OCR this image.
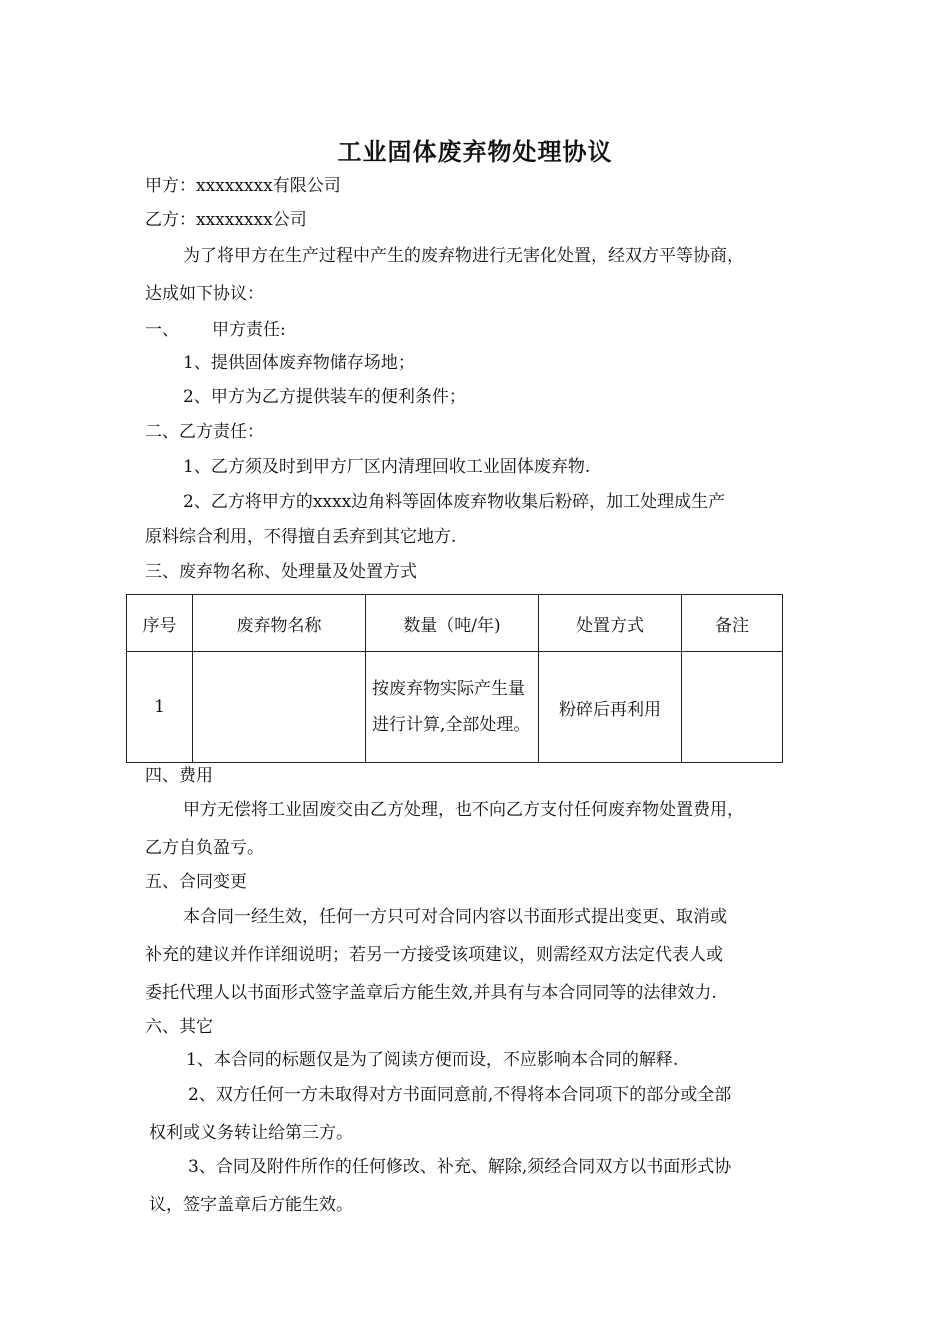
工业固体废弃物处理协议

甲方：xxxxxxxx有限公司

乙方：xxxxxxxx公司

为了将甲方在生产过程中产生的废弃物进行无害化处置，经双方平等协商，

达成如下协议：

一、 甲方责任:

1、提供固体废弃物储存场地；

2、甲方为乙方提供装车的便利条件；

二、乙方责任：

1、乙方须及时到甲方厂区内清理回收工业固体废弃物.

2、乙方将甲方的xxxx边角料等固体废弃物收集后粉碎，加工处理成生产

原料综合利用，不得擅自丢弃到其它地方.

三、废弃物名称、处理量及处置方式

序号	废弃物名称	数量（吨/年)	处置方式	备注
1		按废弃物实际产生量进行计算,全部处理。	粉碎后再利用	

四、费用

甲方无偿将工业固废交由乙方处理，也不向乙方支付任何废弃物处置费用，

乙方自负盈亏。

五、合同变更

本合同一经生效，任何一方只可对合同内容以书面形式提出变更、取消或

补充的建议并作详细说明；若另一方接受该项建议，则需经双方法定代表人或

委托代理人以书面形式签字盖章后方能生效,并具有与本合同同等的法律效力.

六、其它

1、本合同的标题仅是为了阅读方便而设，不应影响本合同的解释.

2、双方任何一方未取得对方书面同意前,不得将本合同项下的部分或全部

权利或义务转让给第三方。

3、合同及附件所作的任何修改、补充、解除,须经合同双方以书面形式协

议，签字盖章后方能生效。
